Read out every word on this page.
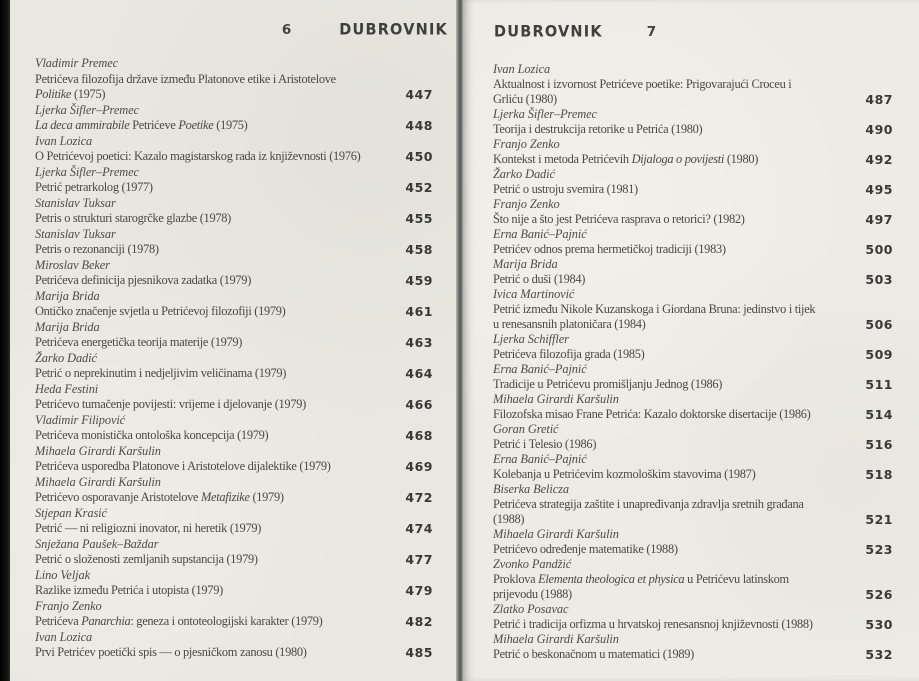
6	DUBROVNIK
Vladimir Premec
Petrićeva filozofija države između Platonove etike i Aristotelove
Politike (1975)	447
Ljerka Šifler–Premec
La deca ammirabile Petrićeve Poetike (1975)	448
Ivan Lozica
O Petrićevoj poetici: Kazalo magistarskog rada iz književnosti (1976)	450
Ljerka Šifler–Premec
Petrić petrarkolog (1977)	452
Stanislav Tuksar
Petris o strukturi starogrčke glazbe (1978)	455
Stanislav Tuksar
Petris o rezonanciji (1978)	458
Miroslav Beker
Petrićeva definicija pjesnikova zadatka (1979)	459
Marija Brida
Ontičko značenje svjetla u Petrićevoj filozofiji (1979)	461
Marija Brida
Petrićeva energetička teorija materije (1979)	463
Žarko Dadić
Petrić o neprekinutim i nedjeljivim veličinama (1979)	464
Heda Festini
Petrićevo tumačenje povijesti: vrijeme i djelovanje (1979)	466
Vladimir Filipović
Petrićeva monistička ontološka koncepcija (1979)	468
Mihaela Girardi Karšulin
Petrićeva usporedba Platonove i Aristotelove dijalektike (1979)	469
Mihaela Girardi Karšulin
Petrićevo osporavanje Aristotelove Metafizike (1979)	472
Stjepan Krasić
Petrić — ni religiozni inovator, ni heretik (1979)	474
Snježana Paušek–Baždar
Petrić o složenosti zemljanih supstancija (1979)	477
Lino Veljak
Razlike između Petrića i utopista (1979)	479
Franjo Zenko
Petrićeva Panarchia: geneza i ontoteologijski karakter (1979)	482
Ivan Lozica
Prvi Petrićev poetički spis — o pjesničkom zanosu (1980)	485
DUBROVNIK	7
Ivan Lozica
Aktualnost i izvornost Petrićeve poetike: Prigovarajući Croceu i
Grliću (1980)	487
Ljerka Šifler–Premec
Teorija i destrukcija retorike u Petrića (1980)	490
Franjo Zenko
Kontekst i metoda Petrićevih Dijaloga o povijesti (1980)	492
Žarko Dadić
Petrić o ustroju svemira (1981)	495
Franjo Zenko
Što nije a što jest Petrićeva rasprava o retorici? (1982)	497
Erna Banić–Pajnić
Petrićev odnos prema hermetičkoj tradiciji (1983)	500
Marija Brida
Petrić o duši (1984)	503
Ivica Martinović
Petrić između Nikole Kuzanskoga i Giordana Bruna: jedinstvo i tijek
u renesansnih platoničara (1984)	506
Ljerka Schiffler
Petrićeva filozofija grada (1985)	509
Erna Banić–Pajnić
Tradicije u Petrićevu promišljanju Jednog (1986)	511
Mihaela Girardi Karšulin
Filozofska misao Frane Petrića: Kazalo doktorske disertacije (1986)	514
Goran Gretić
Petrić i Telesio (1986)	516
Erna Banić–Pajnić
Kolebanja u Petrićevim kozmološkim stavovima (1987)	518
Biserka Belicza
Petrićeva strategija zaštite i unapređivanja zdravlja sretnih građana
(1988)	521
Mihaela Girardi Karšulin
Petrićevo određenje matematike (1988)	523
Zvonko Pandžić
Proklova Elementa theologica et physica u Petrićevu latinskom
prijevodu (1988)	526
Zlatko Posavac
Petrić i tradicija orfizma u hrvatskoj renesansnoj književnosti (1988)	530
Mihaela Girardi Karšulin
Petrić o beskonačnom u matematici (1989)	532
